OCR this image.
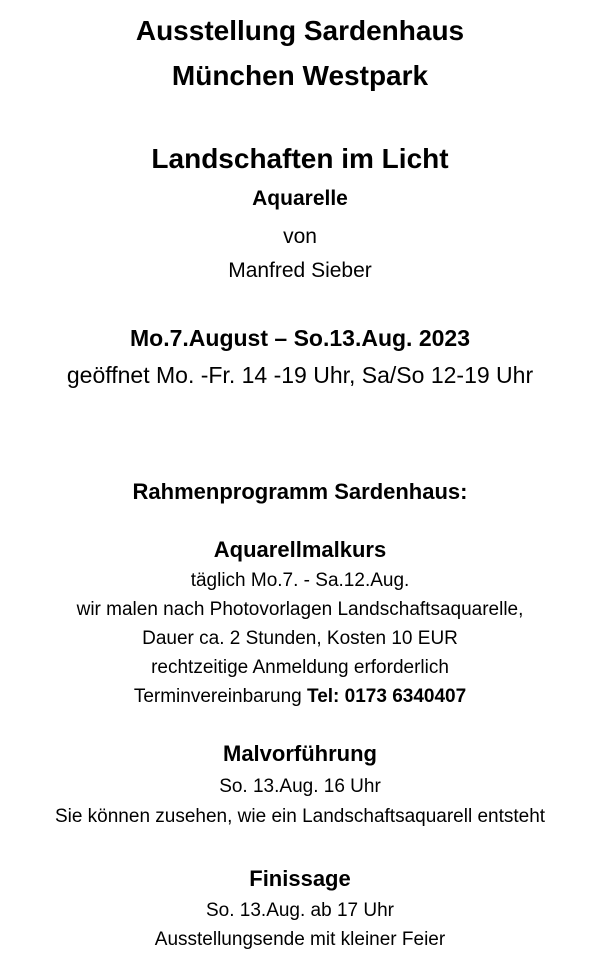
Ausstellung Sardenhaus
München Westpark
Landschaften im Licht
Aquarelle
von
Manfred Sieber
Mo.7.August – So.13.Aug. 2023
geöffnet Mo. -Fr. 14 -19 Uhr, Sa/So 12-19 Uhr
Rahmenprogramm Sardenhaus:
Aquarellmalkurs
täglich Mo.7. - Sa.12.Aug.
wir malen nach Photovorlagen Landschaftsaquarelle,
Dauer ca. 2 Stunden, Kosten 10 EUR
rechtzeitige Anmeldung erforderlich
Terminvereinbarung Tel: 0173 6340407
Malvorführung
So. 13.Aug. 16 Uhr
Sie können zusehen, wie ein Landschaftsaquarell entsteht
Finissage
So. 13.Aug. ab 17 Uhr
Ausstellungsende mit kleiner Feier
